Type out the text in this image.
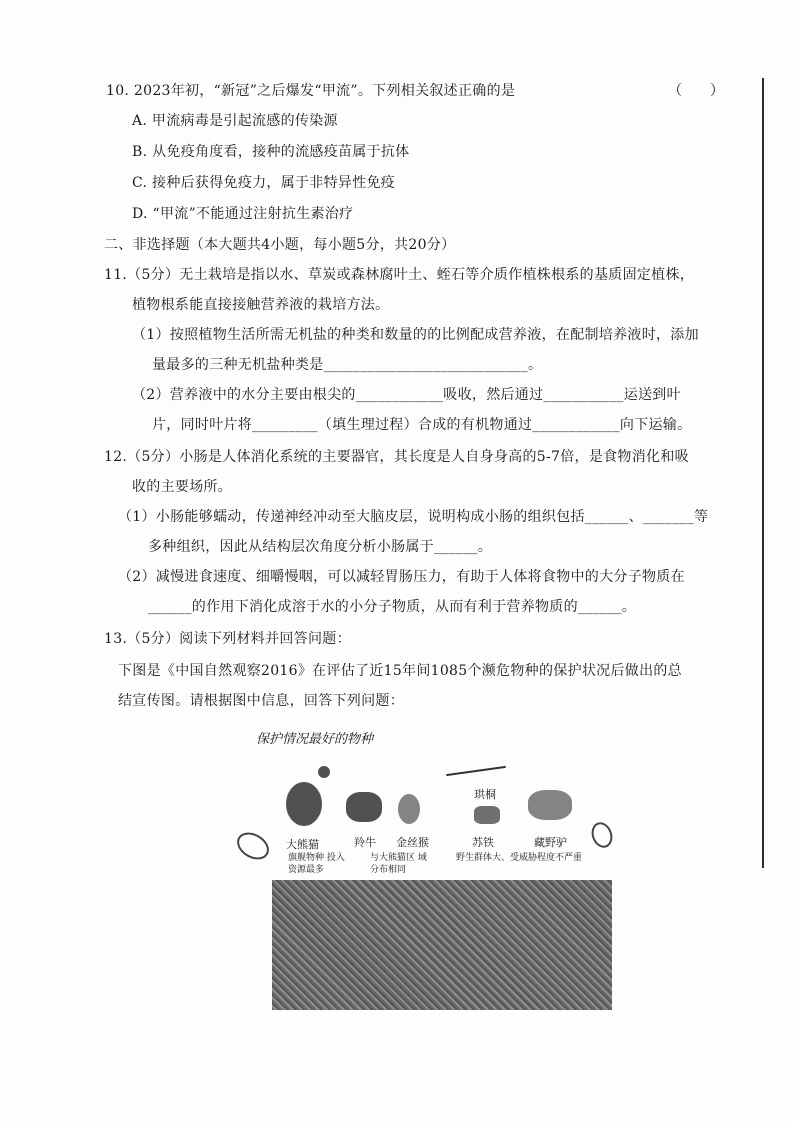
10. 2023年初，“新冠”之后爆发“甲流”。下列相关叙述正确的是	（　　）
A. 甲流病毒是引起流感的传染源
B. 从免疫角度看，接种的流感疫苗属于抗体
C. 接种后获得免疫力，属于非特异性免疫
D. “甲流”不能通过注射抗生素治疗
二、非选择题（本大题共4小题，每小题5分，共20分）
11.（5分）无土栽培是指以水、草炭或森林腐叶土、蛭石等介质作植株根系的基质固定植株，
植物根系能直接接触营养液的栽培方法。
（1）按照植物生活所需无机盐的种类和数量的的比例配成营养液，在配制培养液时，添加
量最多的三种无机盐种类是____________________________。
（2）营养液中的水分主要由根尖的____________吸收，然后通过___________运送到叶
片，同时叶片将_________（填生理过程）合成的有机物通过____________向下运输。
12.（5分）小肠是人体消化系统的主要器官，其长度是人自身身高的5-7倍，是食物消化和吸
收的主要场所。
（1）小肠能够蠕动，传递神经冲动至大脑皮层，说明构成小肠的组织包括______、_______等
多种组织，因此从结构层次角度分析小肠属于______。
（2）减慢进食速度、细嚼慢咽，可以减轻胃肠压力，有助于人体将食物中的大分子物质在
______的作用下消化成溶于水的小分子物质，从而有利于营养物质的______。
13.（5分）阅读下列材料并回答问题：
下图是《中国自然观察2016》在评估了近15年间1085个濒危物种的保护状况后做出的总
结宣传图。请根据图中信息，回答下列问题：
保护情况最好的物种
大熊猫	羚牛 金丝猴
珙桐
苏铁	藏野驴
旗舰物种 投入资源最多
与大熊猫区 域分布相同
野生群体大、受威胁程度不严重
